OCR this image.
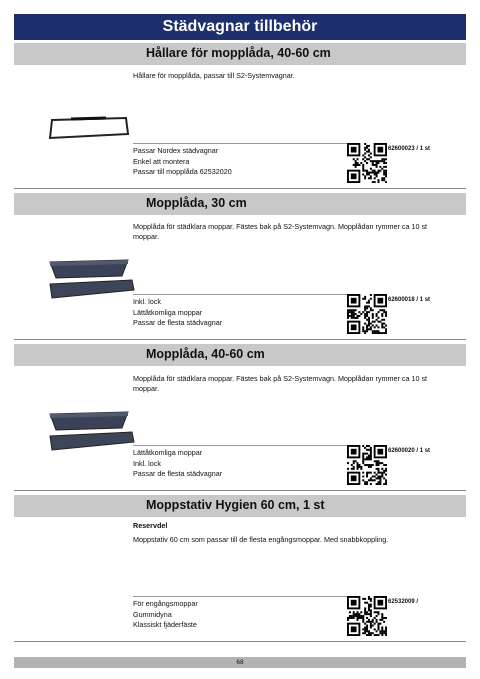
Städvagnar tillbehör
Hållare för mopplåda, 40-60 cm
Hållare för mopplåda, passar till S2-Systemvagnar.
Passar Nordex städvagnar
Enkel att montera
Passar till mopplåda 62532020
62600023 / 1 st
Mopplåda, 30 cm
Mopplåda för städklara moppar. Fästes bak på S2-Systemvagn. Mopplådan rymmer ca 10 st moppar.
Inkl. lock
Lättåtkomliga moppar
Passar de flesta städvagnar
62600018 / 1 st
Mopplåda, 40-60 cm
Mopplåda för städklara moppar. Fästes bak på S2-Systemvagn. Mopplådan rymmer ca 10 st moppar.
Lättåtkomliga moppar
Inkl. lock
Passar de flesta städvagnar
62600020 / 1 st
Moppstativ Hygien 60 cm, 1 st
Reservdel
Moppstativ 60 cm som passar till de flesta engångsmoppar. Med snabbkoppling.
För engångsmoppar
Gummidyna
Klassiskt fjäderfäste
62532009 /
68
